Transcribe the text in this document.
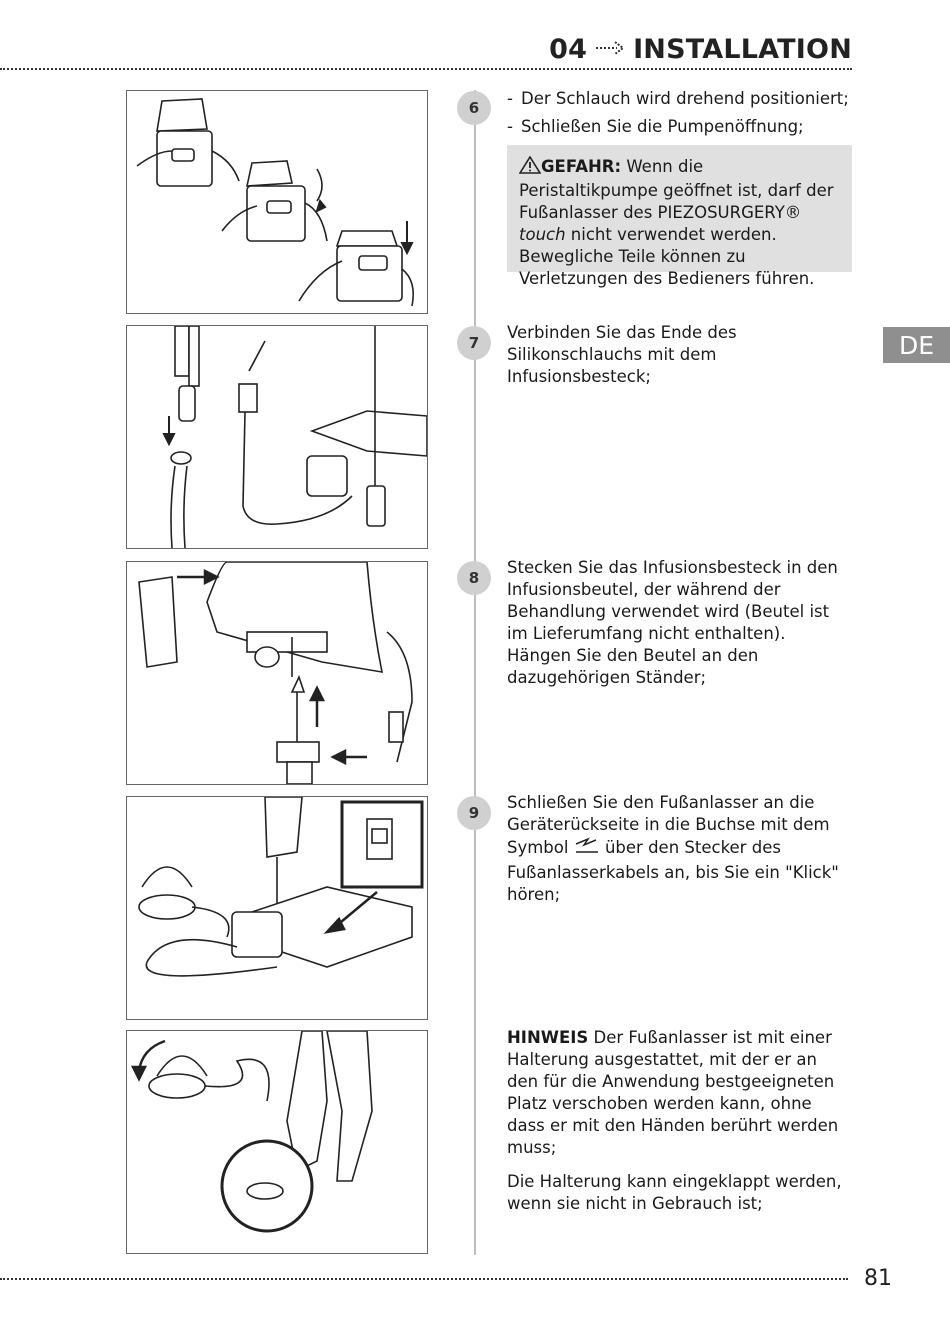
04 INSTALLATION
DE
6	- Der Schlauch wird drehend positioniert;
- Schließen Sie die Pumpenöffnung;
GEFAHR: Wenn die Peristaltikpumpe geöffnet ist, darf der Fußanlasser des PIEZOSURGERY® touch nicht verwendet werden. Bewegliche Teile können zu Verletzungen des Bedieners führen.
7
Verbinden Sie das Ende des Silikonschlauchs mit dem Infusionsbesteck;
8
Stecken Sie das Infusionsbesteck in den Infusionsbeutel, der während der Behandlung verwendet wird (Beutel ist im Lieferumfang nicht enthalten). Hängen Sie den Beutel an den dazugehörigen Ständer;
9
Schließen Sie den Fußanlasser an die Geräterückseite in die Buchse mit dem Symbol  über den Stecker des Fußanlasserkabels an, bis Sie ein "Klick" hören;

HINWEIS Der Fußanlasser ist mit einer Halterung ausgestattet, mit der er an den für die Anwendung bestgeeigneten Platz verschoben werden kann, ohne dass er mit den Händen berührt werden muss;

Die Halterung kann eingeklappt werden, wenn sie nicht in Gebrauch ist;

81
